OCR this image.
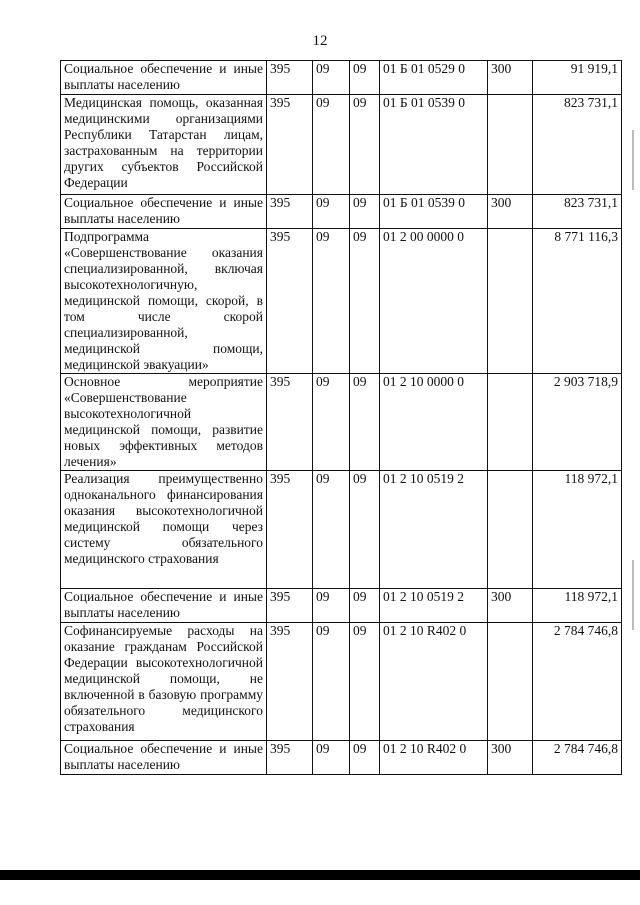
12
Социальное обеспечение и иные выплаты населению	395	09	09	01 Б 01 0529 0	300	91 919,1
Медицинская помощь, оказанная медицинскими организациями Республики Татарстан лицам, застрахованным на территории других субъектов Российской Федерации	395	09	09	01 Б 01 0539 0		823 731,1
Социальное обеспечение и иные выплаты населению	395	09	09	01 Б 01 0539 0	300	823 731,1
Подпрограмма «Совершенствование оказания специализированной, включая высокотехнологичную, медицинской помощи, скорой, в том числе скорой специализированной, медицинской помощи, медицинской эвакуации»	395	09	09	01 2 00 0000 0		8 771 116,3
Основное мероприятие «Совершенствование высокотехнологичной медицинской помощи, развитие новых эффективных методов лечения»	395	09	09	01 2 10 0000 0		2 903 718,9
Реализация преимущественно одноканального финансирования оказания высокотехнологичной медицинской помощи через систему обязательного медицинского страхования	395	09	09	01 2 10 0519 2		118 972,1
Социальное обеспечение и иные выплаты населению	395	09	09	01 2 10 0519 2	300	118 972,1
Софинансируемые расходы на оказание гражданам Российской Федерации высокотехнологичной медицинской помощи, не включенной в базовую программу обязательного медицинского страхования	395	09	09	01 2 10 R402 0		2 784 746,8
Социальное обеспечение и иные выплаты населению	395	09	09	01 2 10 R402 0	300	2 784 746,8
